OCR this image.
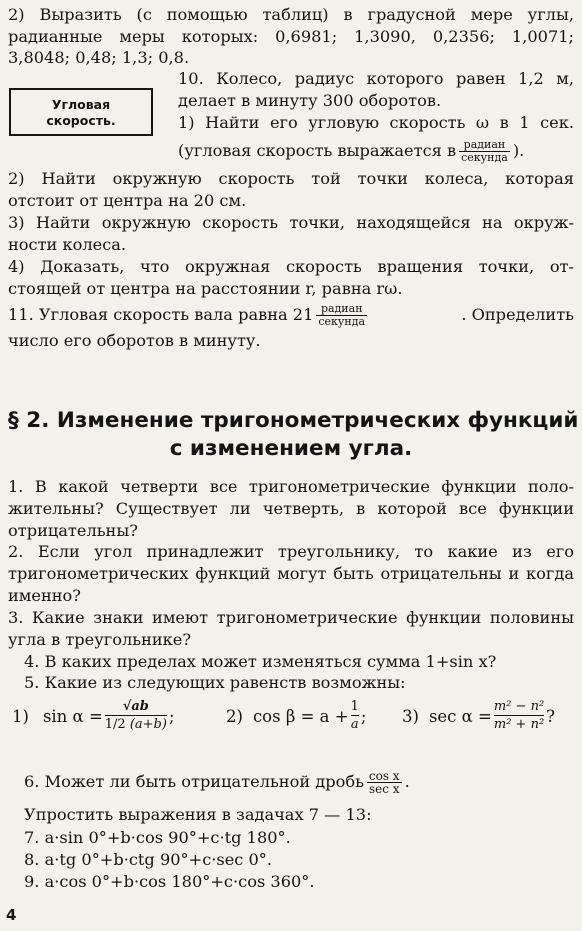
2) Выразить (с помощью таблиц) в градусной мере углы,
радианные меры которых: 0,6981; 1,3090, 0,2356; 1,0071;
3,8048; 0,48; 1,3; 0,8.
Угловая
скорость.
10. Колесо, радиус которого равен 1,2 м,
делает в минуту 300 оборотов.
1) Найти его угловую скорость ω в 1 сек.
(угловая скорость выражается в $\frac{\text{радиан}}{\text{секунда}}$ ).
2) Найти окружную скорость той точки колеса, которая
отстоит от центра на 20 см.
3) Найти окружную скорость точки, находящейся на окруж-
ности колеса.
4) Доказать, что окружная скорость вращения точки, от-
стоящей от центра на расстоянии r, равна rω.
11. Угловая скорость вала равна $21 \frac{\text{радиан}}{\text{секунда}}$	. Определить
число его оборотов в минуту.
§ 2. Изменение тригонометрических функций
с изменением угла.
1. В какой четверти все тригонометрические функции поло-
жительны? Существует ли четверть, в которой все функции
отрицательны?
2. Если угол принадлежит треугольнику, то какие из его
тригонометрических функций могут быть отрицательны и когда
именно?
3. Какие знаки имеют тригонометрические функции половины
угла в треугольнике?
4. В каких пределах может изменяться сумма 1+sin x?
5. Какие из следующих равенств возможны:
1) $\sin \alpha = \frac{√ab}{1/2 (a+b)}$ ;	2) $\cos \beta = a + \frac{1}{a}$ ; 3) $\sec \alpha = \frac{\text{m² − n²}}{\text{m² + n²}}$ ?
6. Может ли быть отрицательной дробь $\frac{\text{cos x}}{\text{sec x}}$ .
Упростить выражения в задачах 7 — 13:
7. a·sin 0°+b·cos 90°+c·tg 180°.
8. a·tg 0°+b·ctg 90°+c·sec 0°.
9. a·cos 0°+b·cos 180°+c·cos 360°.
4
